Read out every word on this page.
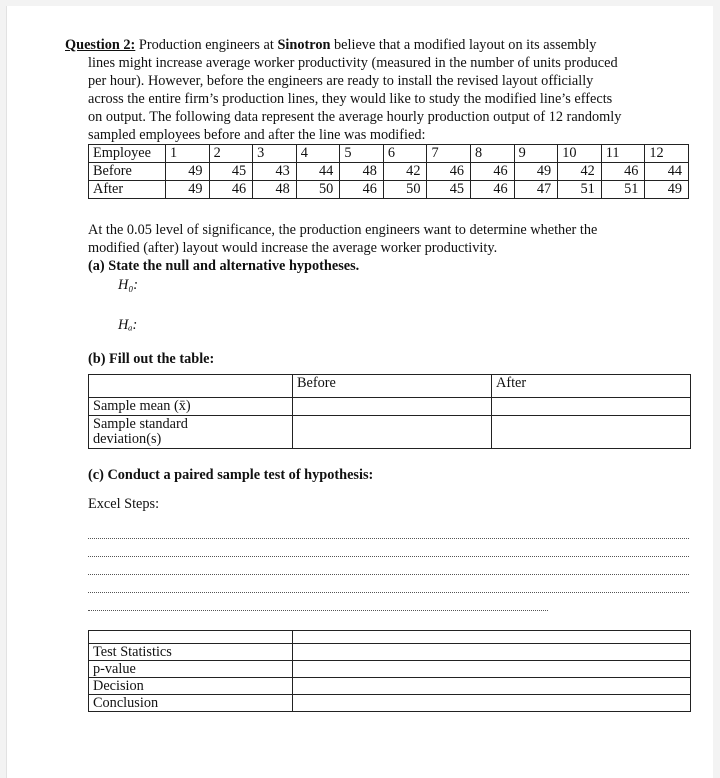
Question 2: Production engineers at Sinotron believe that a modified layout on its assembly
lines might increase average worker productivity (measured in the number of units produced
per hour). However, before the engineers are ready to install the revised layout officially
across the entire firm’s production lines, they would like to study the modified line’s effects
on output. The following data represent the average hourly production output of 12 randomly
sampled employees before and after the line was modified:
Employee	1	2	3	4	5	6	7	8	9	10	11	12
Before	49	45	43	44	48	42	46	46	49	42	46	44
After	49	46	48	50	46	50	45	46	47	51	51	49
At the 0.05 level of significance, the production engineers want to determine whether the
modified (after) layout would increase the average worker productivity.
(a) State the null and alternative hypotheses.
H₀:
Hₐ:
(b) Fill out the table:
	Before	After
Sample mean (x̄)		

Sample standard
deviation(s)		

(c) Conduct a paired sample test of hypothesis:
Excel Steps:

Test Statistics	
p-value	
Decision	
Conclusion	
